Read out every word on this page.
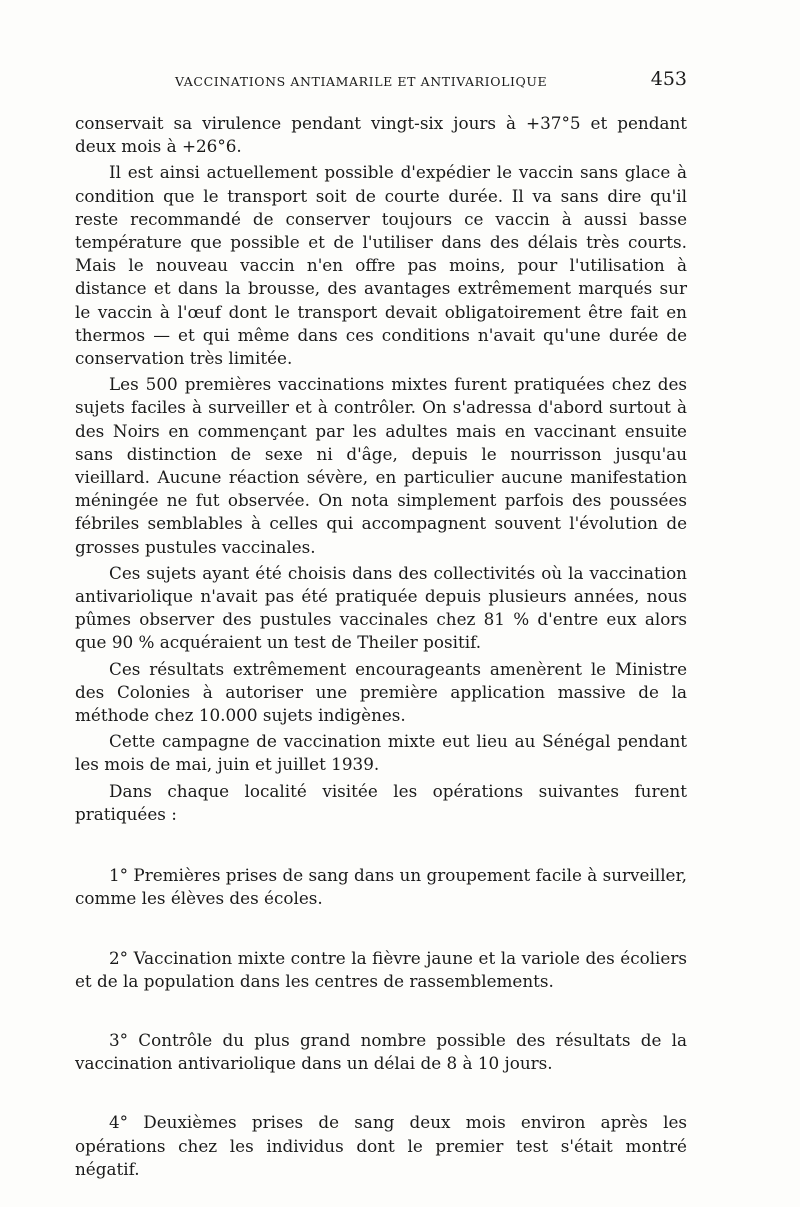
VACCINATIONS ANTIAMARILE ET ANTIVARIOLIQUE	453

conservait sa virulence pendant vingt-six jours à +37°5 et pendant deux mois à +26°6.

Il est ainsi actuellement possible d'expédier le vaccin sans glace à condition que le transport soit de courte durée. Il va sans dire qu'il reste recommandé de conserver toujours ce vaccin à aussi basse température que possible et de l'utiliser dans des délais très courts. Mais le nouveau vaccin n'en offre pas moins, pour l'utilisation à distance et dans la brousse, des avantages extrêmement marqués sur le vaccin à l'œuf dont le transport devait obligatoirement être fait en thermos — et qui même dans ces conditions n'avait qu'une durée de conservation très limitée.

Les 500 premières vaccinations mixtes furent pratiquées chez des sujets faciles à surveiller et à contrôler. On s'adressa d'abord surtout à des Noirs en commençant par les adultes mais en vaccinant ensuite sans distinction de sexe ni d'âge, depuis le nourrisson jusqu'au vieillard. Aucune réaction sévère, en particulier aucune manifestation méningée ne fut observée. On nota simplement parfois des poussées fébriles semblables à celles qui accompagnent souvent l'évolution de grosses pustules vaccinales.

Ces sujets ayant été choisis dans des collectivités où la vaccination antivariolique n'avait pas été pratiquée depuis plusieurs années, nous pûmes observer des pustules vaccinales chez 81 % d'entre eux alors que 90 % acquéraient un test de Theiler positif.

Ces résultats extrêmement encourageants amenèrent le Ministre des Colonies à autoriser une première application massive de la méthode chez 10.000 sujets indigènes.

Cette campagne de vaccination mixte eut lieu au Sénégal pendant les mois de mai, juin et juillet 1939.

Dans chaque localité visitée les opérations suivantes furent pratiquées :

1° Premières prises de sang dans un groupement facile à surveiller, comme les élèves des écoles.

2° Vaccination mixte contre la fièvre jaune et la variole des écoliers et de la population dans les centres de rassemblements.

3° Contrôle du plus grand nombre possible des résultats de la vaccination antivariolique dans un délai de 8 à 10 jours.

4° Deuxièmes prises de sang deux mois environ après les opérations chez les individus dont le premier test s'était montré négatif.
